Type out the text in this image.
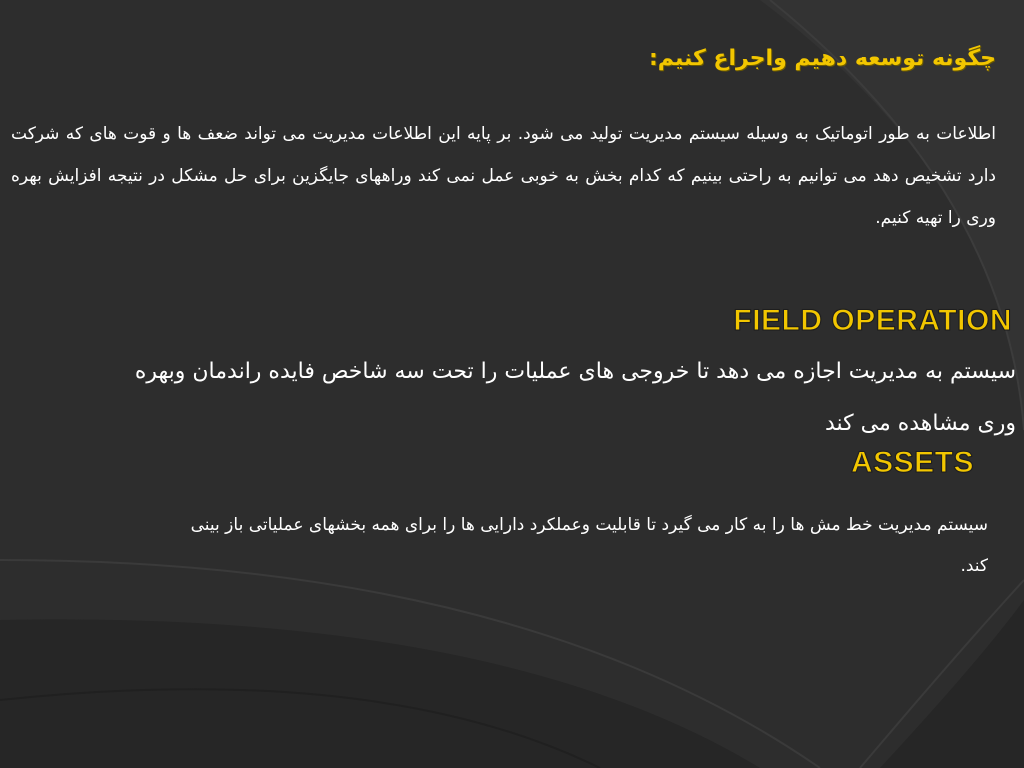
چگونه توسعه دهیم واجراع کنیم:
اطلاعات به طور اتوماتیک به وسیله سیستم مدیریت تولید می شود. بر پایه این اطلاعات مدیریت می تواند ضعف ها و قوت های که شرکت دارد تشخیص دهد می توانیم به راحتی بینیم که کدام بخش به خوبی عمل نمی کند وراههای جایگزین برای حل مشکل در نتیجه افزایش بهره وری را تهیه کنیم.
FIELD OPERATION
سیستم به مدیریت اجازه می دهد تا خروجی های عملیات را تحت سه شاخص فایده راندمان وبهره وری مشاهده می کند
ASSETS
سیستم مدیریت خط مش ها را به کار می گیرد تا قابلیت وعملکرد دارایی ها را برای همه بخشهای عملیاتی باز بینی کند.
